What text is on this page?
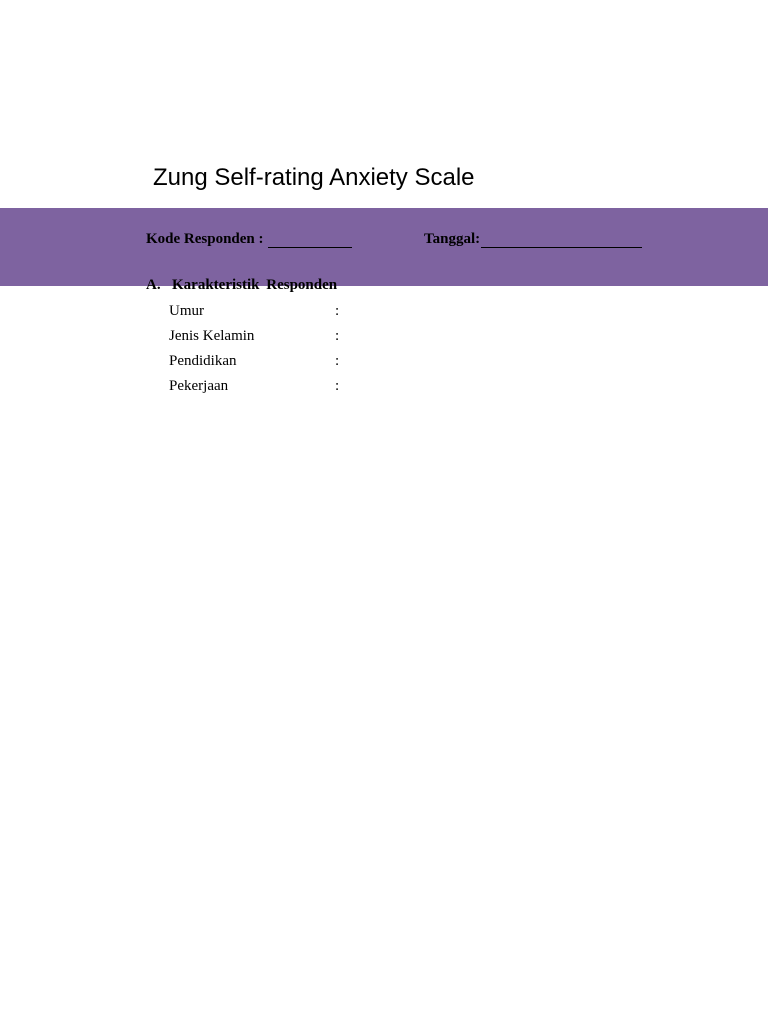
Zung Self-rating Anxiety Scale
Kode Responden :	Tanggal:
A. Karakteristik Responden
Umur	:
Jenis Kelamin	:
Pendidikan	:
Pekerjaan	:
